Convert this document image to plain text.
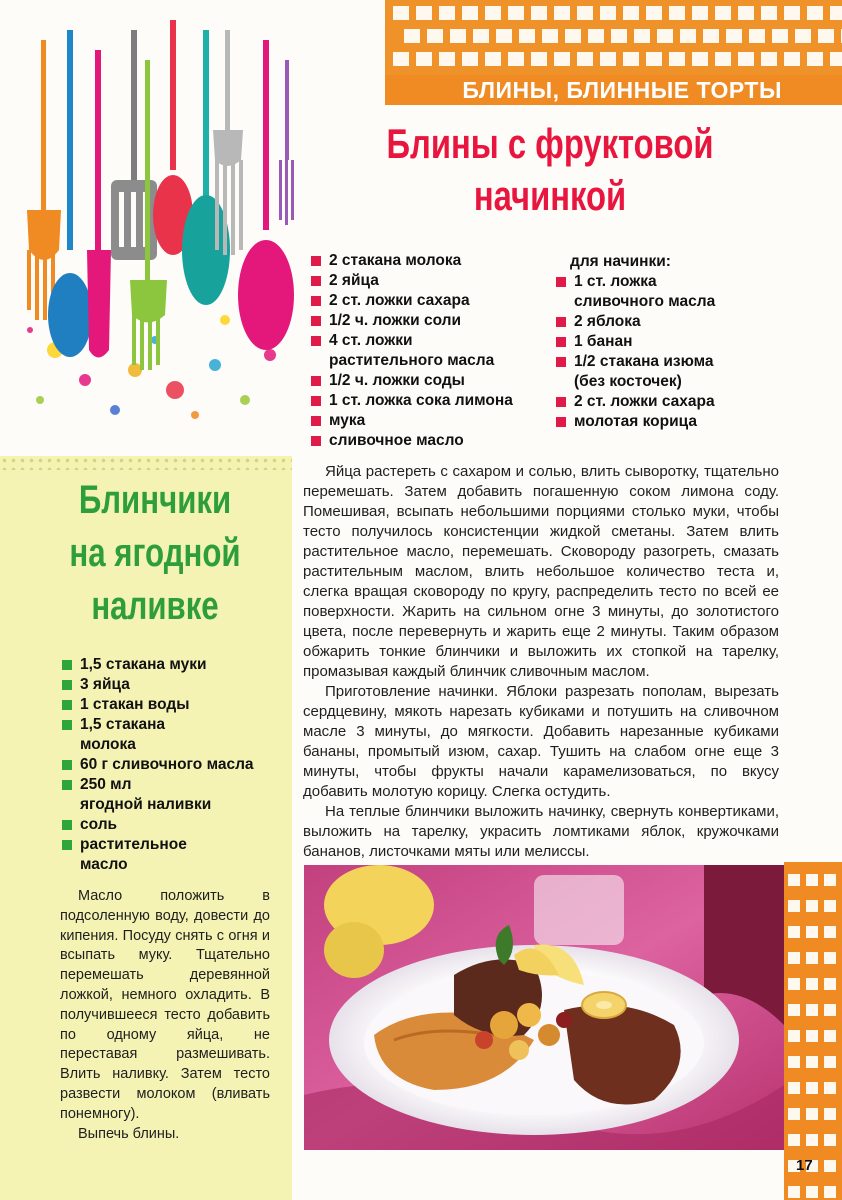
БЛИНЫ, БЛИННЫЕ ТОРТЫ
Блины с фруктовой
начинкой
2 стакана молока
2 яйца
2 ст. ложки сахара
1/2 ч. ложки соли
4 ст. ложки
растительного масла
1/2 ч. ложки соды
1 ст. ложка сока лимона
мука
сливочное масло
для начинки:
1 ст. ложка
сливочного масла
2 яблока
1 банан
1/2 стакана изюма
(без косточек)
2 ст. ложки сахара
молотая корица

Яйца растереть с сахаром и солью, влить сыворотку, тщательно перемешать. Затем добавить погашенную соком лимона соду. Помешивая, всыпать небольшими порциями столько муки, чтобы тесто получилось консистенции жидкой сметаны. Затем влить растительное масло, перемешать. Сковороду разогреть, смазать растительным маслом, влить небольшое количество теста и, слегка вращая сковороду по кругу, распределить тесто по всей ее поверхности. Жарить на сильном огне 3 минуты, до золотистого цвета, после перевернуть и жарить еще 2 минуты. Таким образом обжарить тонкие блинчики и выложить их стопкой на тарелку, промазывая каждый блинчик сливочным маслом.

Приготовление начинки. Яблоки разрезать пополам, вырезать сердцевину, мякоть нарезать кубиками и потушить на сливочном масле 3 минуты, до мягкости. Добавить нарезанные кубиками бананы, промытый изюм, сахар. Тушить на слабом огне еще 3 минуты, чтобы фрукты начали карамелизоваться, по вкусу добавить молотую корицу. Слегка остудить.

На теплые блинчики выложить начинку, свернуть конвертиками, выложить на тарелку, украсить ломтиками яблок, кружочками бананов, листочками мяты или мелиссы.

Блинчики
на ягодной
наливке
1,5 стакана муки
3 яйца
1 стакан воды
1,5 стакана
молока
60 г сливочного масла
250 мл
ягодной наливки
соль
растительное
масло

Масло положить в подсоленную воду, довести до кипения. Посуду снять с огня и всыпать муку. Тщательно перемешать деревянной ложкой, немного охладить. В получившееся тесто добавить по одному яйца, не переставая размешивать. Влить наливку. Затем тесто развести молоком (вливать понемногу).

Выпечь блины.

17
